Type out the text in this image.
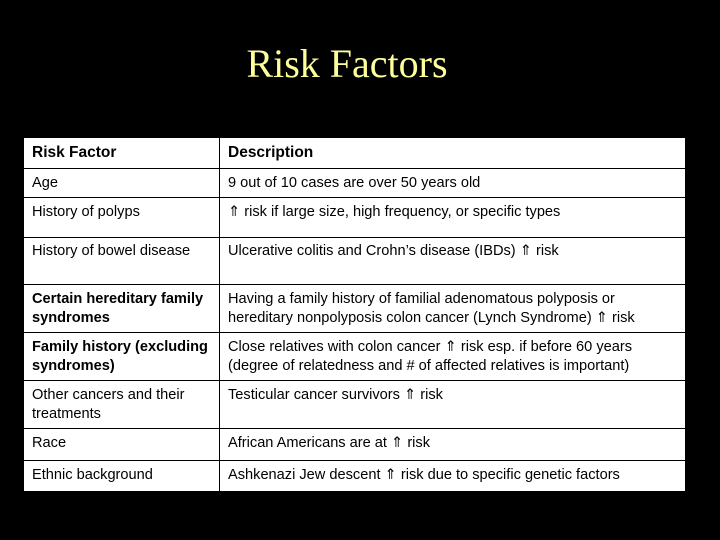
Risk Factors
Risk Factor	Description
Age	9 out of 10 cases are over 50 years old
History of polyps	⇑ risk if large size, high frequency, or specific types
History of bowel disease	Ulcerative colitis and Crohn’s disease (IBDs) ⇑ risk
Certain hereditary family syndromes	Having a family history of familial adenomatous polyposis or hereditary nonpolyposis colon cancer (Lynch Syndrome) ⇑ risk
Family history (excluding syndromes)	Close relatives with colon cancer ⇑ risk esp. if before 60 years (degree of relatedness and # of affected relatives is important)
Other cancers and their treatments	Testicular cancer survivors ⇑ risk
Race	African Americans are at ⇑ risk
Ethnic background	Ashkenazi Jew descent ⇑ risk due to specific genetic factors
